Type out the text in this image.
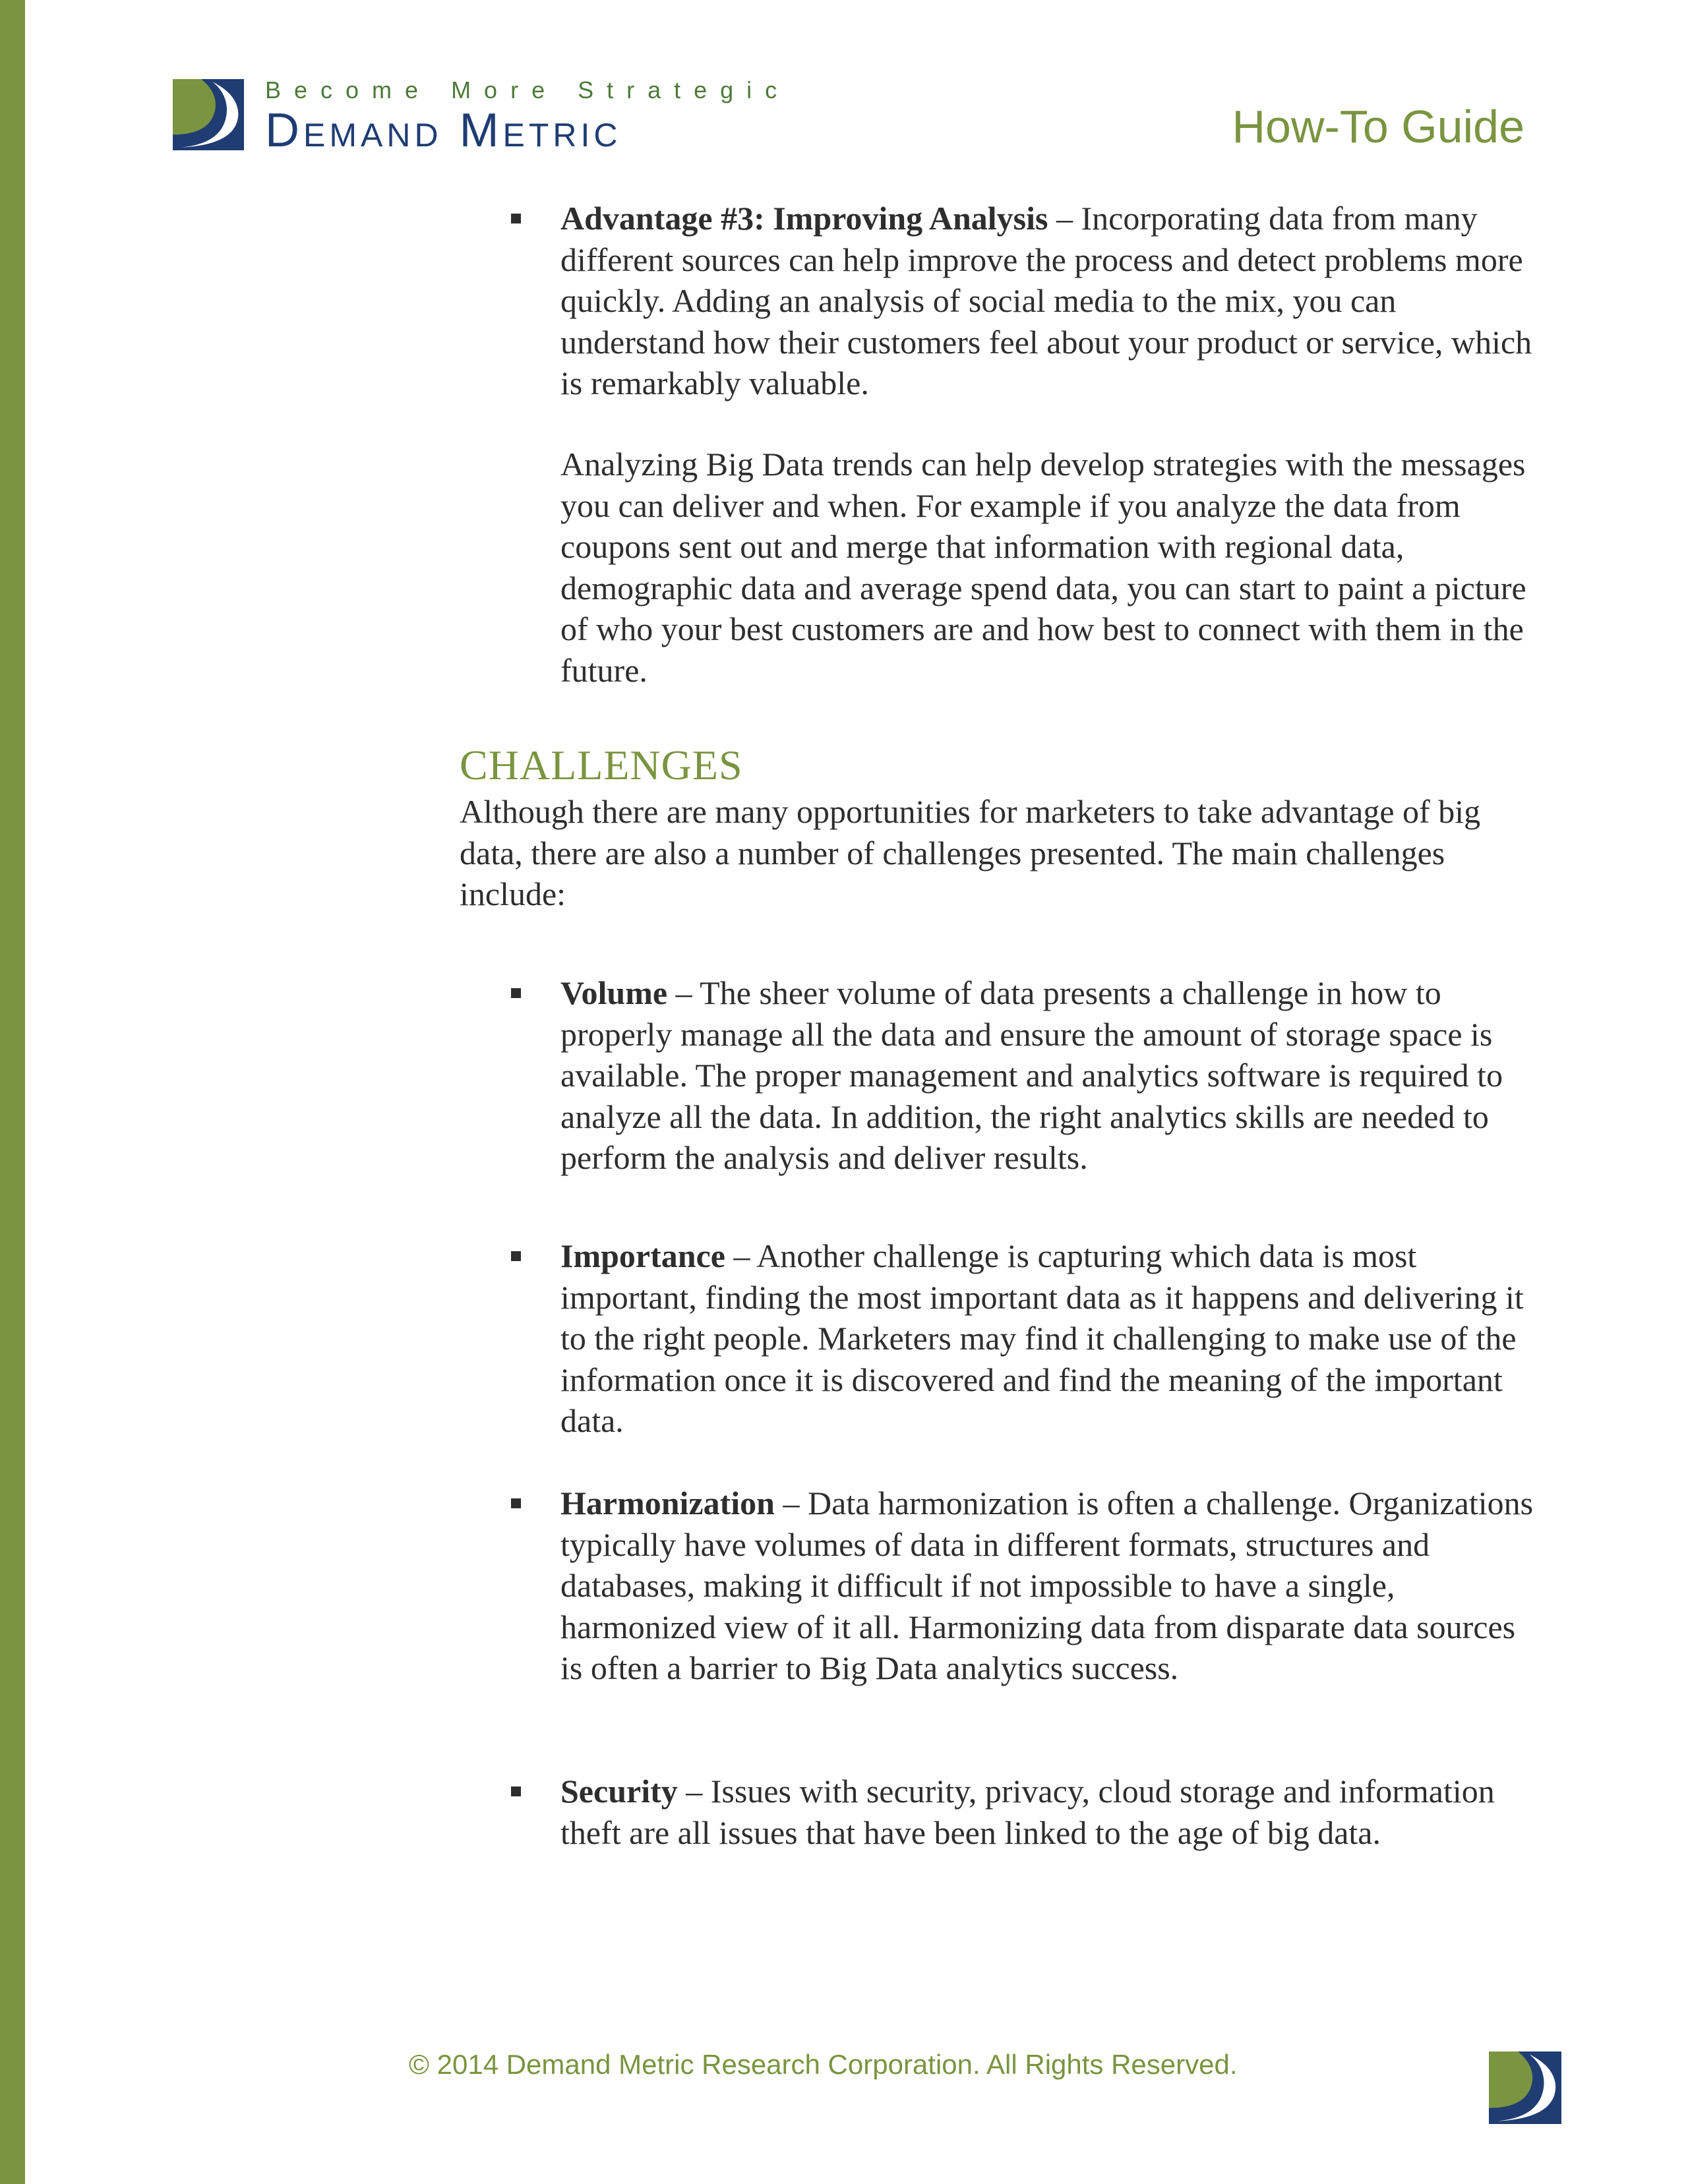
Become More Strategic
Demand Metric	How-To Guide

Advantage #3: Improving Analysis – Incorporating data from many different sources can help improve the process and detect problems more quickly. Adding an analysis of social media to the mix, you can understand how their customers feel about your product or service, which is remarkably valuable.

Analyzing Big Data trends can help develop strategies with the messages you can deliver and when. For example if you analyze the data from coupons sent out and merge that information with regional data, demographic data and average spend data, you can start to paint a picture of who your best customers are and how best to connect with them in the future.

CHALLENGES

Although there are many opportunities for marketers to take advantage of big data, there are also a number of challenges presented. The main challenges include:

Volume – The sheer volume of data presents a challenge in how to properly manage all the data and ensure the amount of storage space is available. The proper management and analytics software is required to analyze all the data. In addition, the right analytics skills are needed to perform the analysis and deliver results.

Importance – Another challenge is capturing which data is most important, finding the most important data as it happens and delivering it to the right people. Marketers may find it challenging to make use of the information once it is discovered and find the meaning of the important data.

Harmonization – Data harmonization is often a challenge. Organizations typically have volumes of data in different formats, structures and databases, making it difficult if not impossible to have a single, harmonized view of it all. Harmonizing data from disparate data sources is often a barrier to Big Data analytics success.

Security – Issues with security, privacy, cloud storage and information theft are all issues that have been linked to the age of big data.

© 2014 Demand Metric Research Corporation. All Rights Reserved.
